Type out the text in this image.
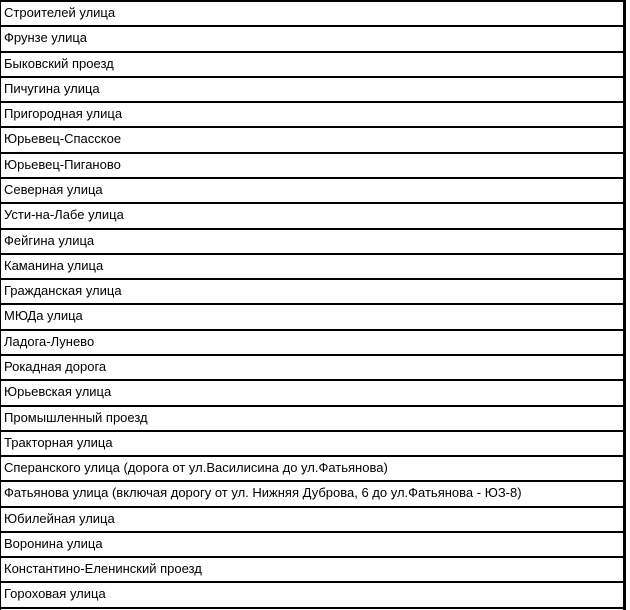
Строителей улица
Фрунзе улица
Быковский проезд
Пичугина улица
Пригородная улица
Юрьевец-Спасское
Юрьевец-Пиганово
Северная улица
Усти-на-Лабе улица
Фейгина улица
Каманина улица
Гражданская улица
МЮДа улица
Ладога-Лунево
Рокадная дорога
Юрьевская улица
Промышленный проезд
Тракторная улица
Сперанского улица (дорога от ул.Василисина до ул.Фатьянова)
Фатьянова улица (включая дорогу от ул. Нижняя Дуброва, 6 до ул.Фатьянова - ЮЗ-8)
Юбилейная улица
Воронина улица
Константино-Еленинский проезд
Гороховая улица
